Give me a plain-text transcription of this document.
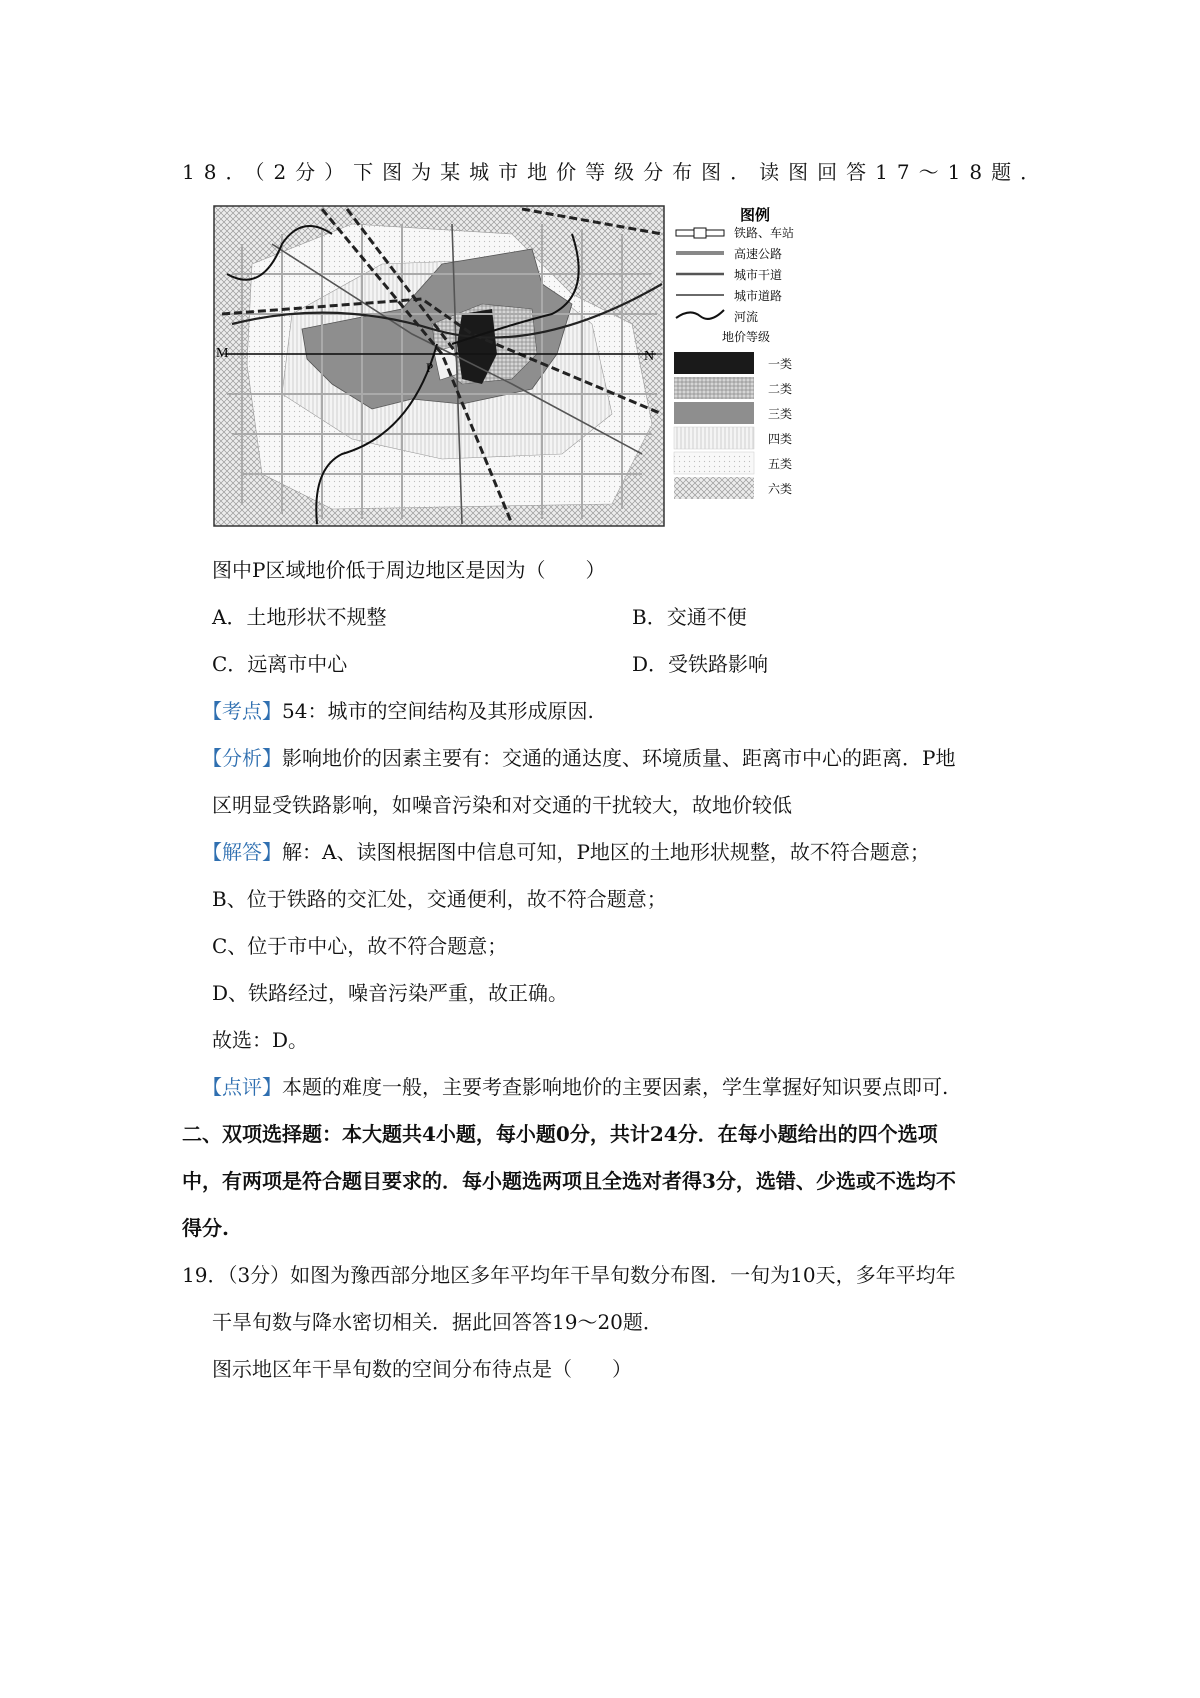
18．（2分）下图为某城市地价等级分布图．读图回答17～18题．
M	N
P
图例
铁路、车站
高速公路
城市干道
城市道路
河流
地价等级
一类
二类
三类
四类
五类
六类
图中P区域地价低于周边地区是因为（　　）
A．土地形状不规整	B．交通不便
C．远离市中心	D．受铁路影响
【考点】54：城市的空间结构及其形成原因.
【分析】影响地价的因素主要有：交通的通达度、环境质量、距离市中心的距离．P地
区明显受铁路影响，如噪音污染和对交通的干扰较大，故地价较低
【解答】解：A、读图根据图中信息可知，P地区的土地形状规整，故不符合题意；
B、位于铁路的交汇处，交通便利，故不符合题意；
C、位于市中心，故不符合题意；
D、铁路经过，噪音污染严重，故正确。
故选：D。
【点评】本题的难度一般，主要考查影响地价的主要因素，学生掌握好知识要点即可.
二、双项选择题：本大题共4小题，每小题0分，共计24分．在每小题给出的四个选项
中，有两项是符合题目要求的．每小题选两项且全选对者得3分，选错、少选或不选均不
得分.
19．（3分）如图为豫西部分地区多年平均年干旱旬数分布图．一旬为10天，多年平均年
干旱旬数与降水密切相关．据此回答答19～20题．
图示地区年干旱旬数的空间分布待点是（　　）
